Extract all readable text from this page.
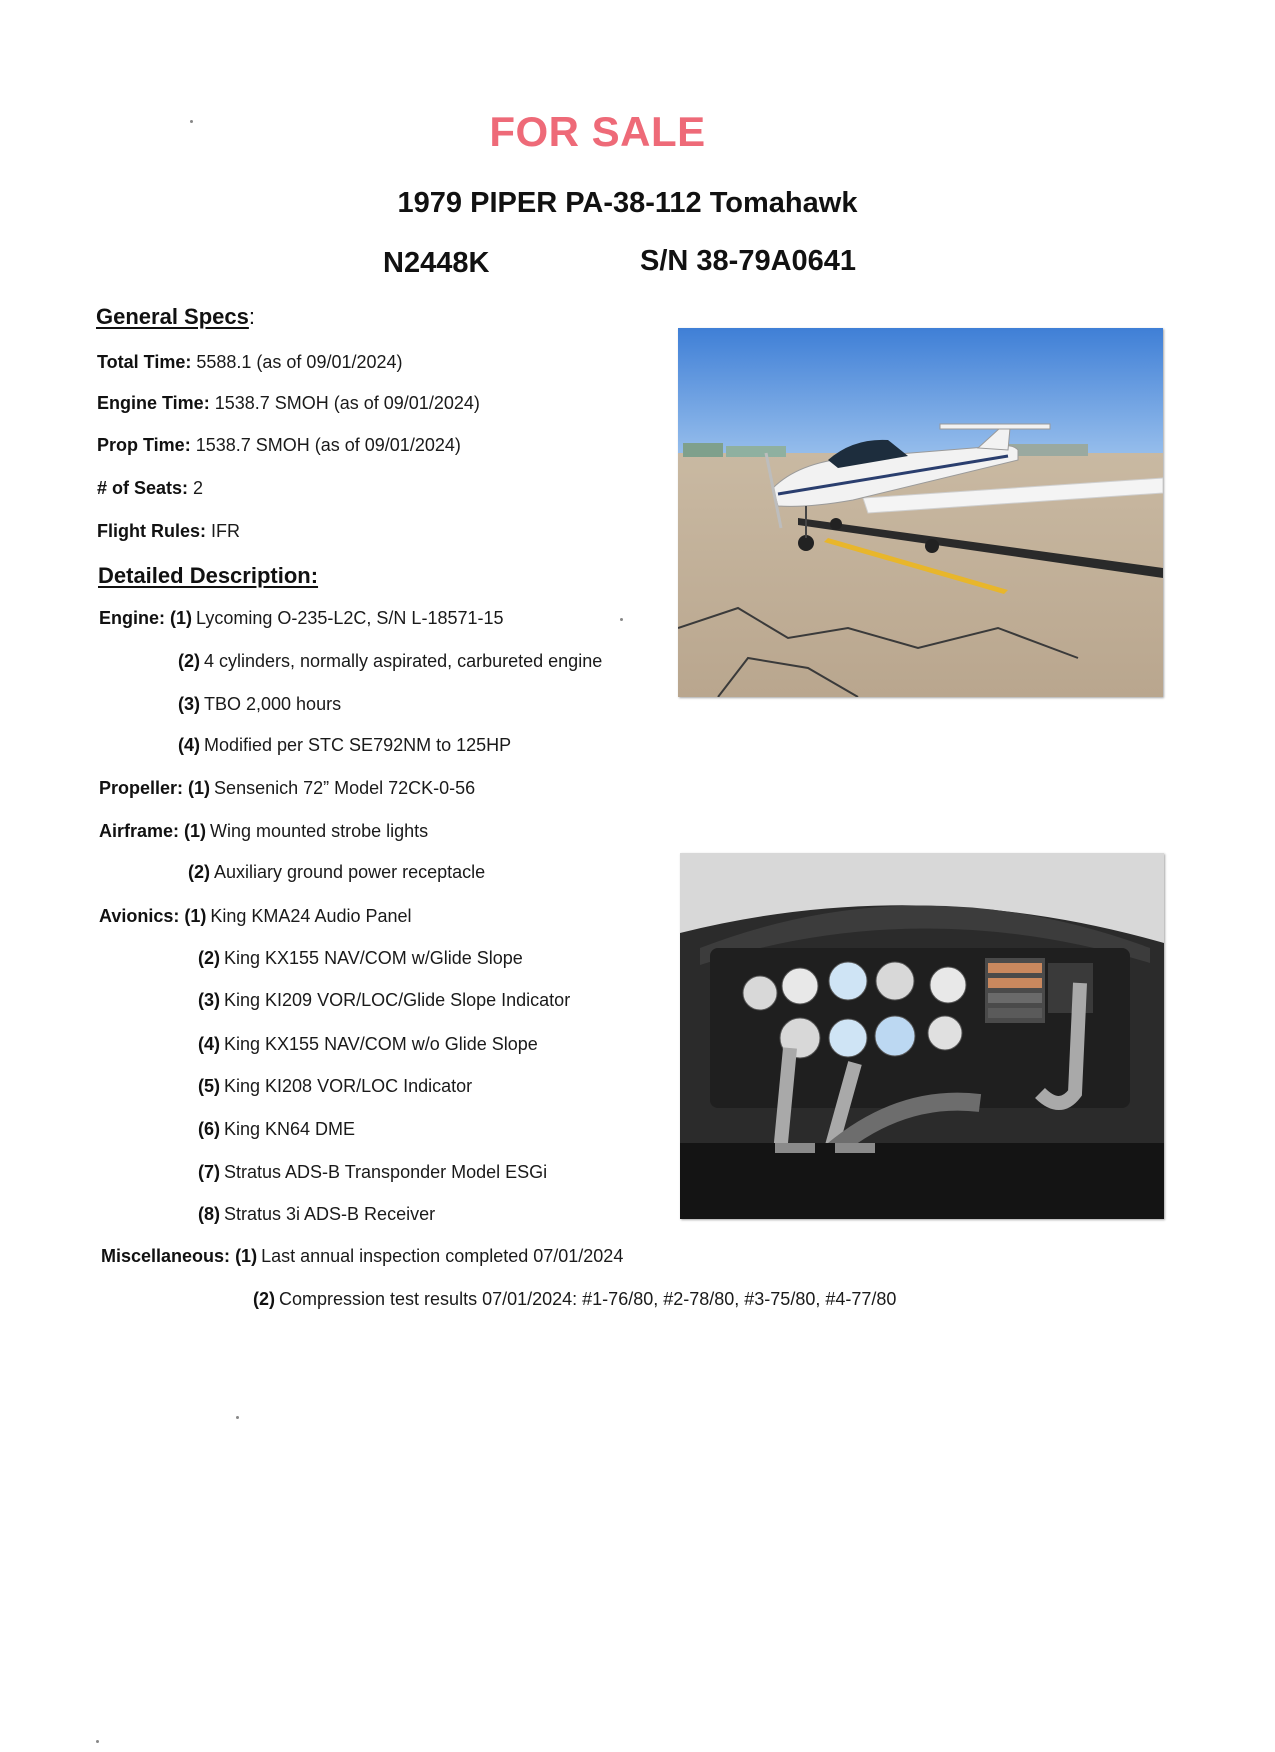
FOR SALE
1979 PIPER PA-38-112 Tomahawk
N2448K	S/N 38-79A0641
General Specs:
Total Time: 5588.1 (as of 09/01/2024)
Engine Time: 1538.7 SMOH (as of 09/01/2024)
Prop Time: 1538.7 SMOH (as of 09/01/2024)
# of Seats: 2
Flight Rules: IFR
Detailed Description:
Engine: (1) Lycoming O-235-L2C, S/N L-18571-15
(2) 4 cylinders, normally aspirated, carbureted engine
(3) TBO 2,000 hours
(4) Modified per STC SE792NM to 125HP
Propeller: (1) Sensenich 72” Model 72CK-0-56
Airframe: (1) Wing mounted strobe lights
(2) Auxiliary ground power receptacle
Avionics: (1) King KMA24 Audio Panel
(2) King KX155 NAV/COM w/Glide Slope
(3) King KI209 VOR/LOC/Glide Slope Indicator
(4) King KX155 NAV/COM w/o Glide Slope
(5) King KI208 VOR/LOC Indicator
(6) King KN64 DME
(7) Stratus ADS-B Transponder Model ESGi
(8) Stratus 3i ADS-B Receiver
Miscellaneous: (1) Last annual inspection completed 07/01/2024
(2) Compression test results 07/01/2024: #1-76/80, #2-78/80, #3-75/80, #4-77/80
